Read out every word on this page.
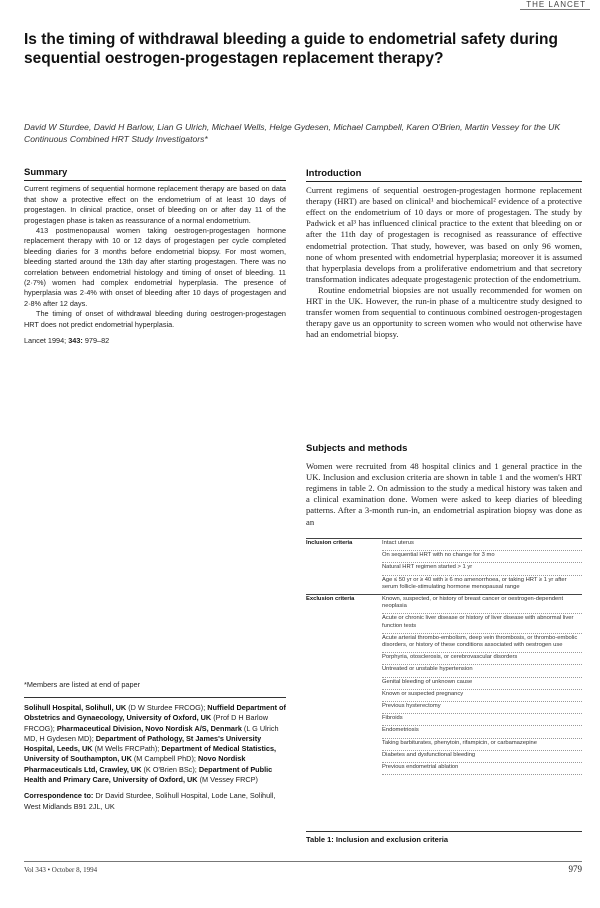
THE LANCET
Is the timing of withdrawal bleeding a guide to endometrial safety during sequential oestrogen-progestagen replacement therapy?
David W Sturdee, David H Barlow, Lian G Ulrich, Michael Wells, Helge Gydesen, Michael Campbell, Karen O'Brien, Martin Vessey for the UK Continuous Combined HRT Study Investigators*
Summary

Current regimens of sequential hormone replacement therapy are based on data that show a protective effect on the endometrium of at least 10 days of progestagen. In clinical practice, onset of bleeding on or after day 11 of the progestagen phase is taken as reassurance of a normal endometrium.

413 postmenopausal women taking oestrogen-progestagen hormone replacement therapy with 10 or 12 days of progestagen per cycle completed bleeding diaries for 3 months before endometrial biopsy. For most women, bleeding started around the 13th day after starting progestagen. There was no correlation between endometrial histology and timing of onset of bleeding. 11 (2·7%) women had complex endometrial hyperplasia. The presence of hyperplasia was 2·4% with onset of bleeding after 10 days of progestagen and 2·8% after 12 days.

The timing of onset of withdrawal bleeding during oestrogen-progestagen HRT does not predict endometrial hyperplasia.

Lancet 1994; 343: 979–82

*Members are listed at end of paper

Solihull Hospital, Solihull, UK (D W Sturdee FRCOG); Nuffield Department of Obstetrics and Gynaecology, University of Oxford, UK (Prof D H Barlow FRCOG); Pharmaceutical Division, Novo Nordisk A/S, Denmark (L G Ulrich MD, H Gydesen MD); Department of Pathology, St James's University Hospital, Leeds, UK (M Wells FRCPath); Department of Medical Statistics, University of Southampton, UK (M Campbell PhD); Novo Nordisk Pharmaceuticals Ltd, Crawley, UK (K O'Brien BSc); Department of Public Health and Primary Care, University of Oxford, UK (M Vessey FRCP)

Correspondence to: Dr David Sturdee, Solihull Hospital, Lode Lane, Solihull, West Midlands B91 2JL, UK

Introduction

Current regimens of sequential oestrogen-progestagen hormone replacement therapy (HRT) are based on clinical¹ and biochemical² evidence of a protective effect on the endometrium of 10 days or more of progestagen. The study by Padwick et al³ has influenced clinical practice to the extent that bleeding on or after the 11th day of progestagen is recognised as reassurance of effective endometrial protection. That study, however, was based on only 96 women, none of whom presented with endometrial hyperplasia; moreover it is assumed that hyperplasia develops from a proliferative endometrium and that secretory transformation indicates adequate progestagenic protection of the endometrium.

Routine endometrial biopsies are not usually recommended for women on HRT in the UK. However, the run-in phase of a multicentre study designed to transfer women from sequential to continuous combined oestrogen-progestagen therapy gave us an opportunity to screen women who would not otherwise have had an endometrial biopsy.

Subjects and methods

Women were recruited from 48 hospital clinics and 1 general practice in the UK. Inclusion and exclusion criteria are shown in table 1 and the women's HRT regimens in table 2. On admission to the study a medical history was taken and a clinical examination done. Women were asked to keep diaries of bleeding patterns. After a 3-month run-in, an endometrial aspiration biopsy was done as an

Inclusion criteria	Intact uterus
	On sequential HRT with no change for 3 mo
	Natural HRT regimen started > 1 yr
	Age ≤ 50 yr or ≥ 40 with ≥ 6 mo amenorrhoea, or taking HRT ≥ 1 yr after serum follicle-stimulating hormone menopausal range
Exclusion criteria	Known, suspected, or history of breast cancer or oestrogen-dependent neoplasia
	Acute or chronic liver disease or history of liver disease with abnormal liver function tests
	Acute arterial thrombo-embolism, deep vein thrombosis, or thrombo-embolic disorders, or history of these conditions associated with oestrogen use
	Porphyria, otosclerosis, or cerebrovascular disorders
	Untreated or unstable hypertension
	Genital bleeding of unknown cause
	Known or suspected pregnancy
	Previous hysterectomy
	Fibroids
	Endometriosis
	Taking barbiturates, phenytoin, rifampicin, or carbamazepine
	Diabetes and dysfunctional bleeding
	Previous endometrial ablation
Table 1: Inclusion and exclusion criteria
Vol 343 • October 8, 1994	979
